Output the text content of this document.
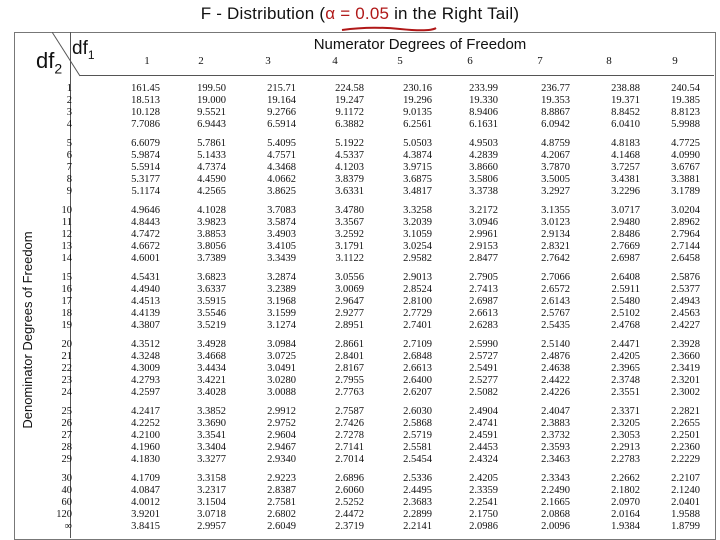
F - Distribution (α = 0.05 in the Right Tail)
$df_2$
$df_1$
Numerator Degrees of Freedom
Denominator Degrees of Freedom
1	2	3	4	5	6	7	8	9
1	161.45	199.50	215.71	224.58	230.16	233.99	236.77	238.88	240.54
2	18.513	19.000	19.164	19.247	19.296	19.330	19.353	19.371	19.385
3	10.128	9.5521	9.2766	9.1172	9.0135	8.9406	8.8867	8.8452	8.8123
4	7.7086	6.9443	6.5914	6.3882	6.2561	6.1631	6.0942	6.0410	5.9988
5	6.6079	5.7861	5.4095	5.1922	5.0503	4.9503	4.8759	4.8183	4.7725
6	5.9874	5.1433	4.7571	4.5337	4.3874	4.2839	4.2067	4.1468	4.0990
7	5.5914	4.7374	4.3468	4.1203	3.9715	3.8660	3.7870	3.7257	3.6767
8	5.3177	4.4590	4.0662	3.8379	3.6875	3.5806	3.5005	3.4381	3.3881
9	5.1174	4.2565	3.8625	3.6331	3.4817	3.3738	3.2927	3.2296	3.1789
10	4.9646	4.1028	3.7083	3.4780	3.3258	3.2172	3.1355	3.0717	3.0204
11	4.8443	3.9823	3.5874	3.3567	3.2039	3.0946	3.0123	2.9480	2.8962
12	4.7472	3.8853	3.4903	3.2592	3.1059	2.9961	2.9134	2.8486	2.7964
13	4.6672	3.8056	3.4105	3.1791	3.0254	2.9153	2.8321	2.7669	2.7144
14	4.6001	3.7389	3.3439	3.1122	2.9582	2.8477	2.7642	2.6987	2.6458
15	4.5431	3.6823	3.2874	3.0556	2.9013	2.7905	2.7066	2.6408	2.5876
16	4.4940	3.6337	3.2389	3.0069	2.8524	2.7413	2.6572	2.5911	2.5377
17	4.4513	3.5915	3.1968	2.9647	2.8100	2.6987	2.6143	2.5480	2.4943
18	4.4139	3.5546	3.1599	2.9277	2.7729	2.6613	2.5767	2.5102	2.4563
19	4.3807	3.5219	3.1274	2.8951	2.7401	2.6283	2.5435	2.4768	2.4227
20	4.3512	3.4928	3.0984	2.8661	2.7109	2.5990	2.5140	2.4471	2.3928
21	4.3248	3.4668	3.0725	2.8401	2.6848	2.5727	2.4876	2.4205	2.3660
22	4.3009	3.4434	3.0491	2.8167	2.6613	2.5491	2.4638	2.3965	2.3419
23	4.2793	3.4221	3.0280	2.7955	2.6400	2.5277	2.4422	2.3748	2.3201
24	4.2597	3.4028	3.0088	2.7763	2.6207	2.5082	2.4226	2.3551	2.3002
25	4.2417	3.3852	2.9912	2.7587	2.6030	2.4904	2.4047	2.3371	2.2821
26	4.2252	3.3690	2.9752	2.7426	2.5868	2.4741	2.3883	2.3205	2.2655
27	4.2100	3.3541	2.9604	2.7278	2.5719	2.4591	2.3732	2.3053	2.2501
28	4.1960	3.3404	2.9467	2.7141	2.5581	2.4453	2.3593	2.2913	2.2360
29	4.1830	3.3277	2.9340	2.7014	2.5454	2.4324	2.3463	2.2783	2.2229
30	4.1709	3.3158	2.9223	2.6896	2.5336	2.4205	2.3343	2.2662	2.2107
40	4.0847	3.2317	2.8387	2.6060	2.4495	2.3359	2.2490	2.1802	2.1240
60	4.0012	3.1504	2.7581	2.5252	2.3683	2.2541	2.1665	2.0970	2.0401
120	3.9201	3.0718	2.6802	2.4472	2.2899	2.1750	2.0868	2.0164	1.9588
∞	3.8415	2.9957	2.6049	2.3719	2.2141	2.0986	2.0096	1.9384	1.8799
